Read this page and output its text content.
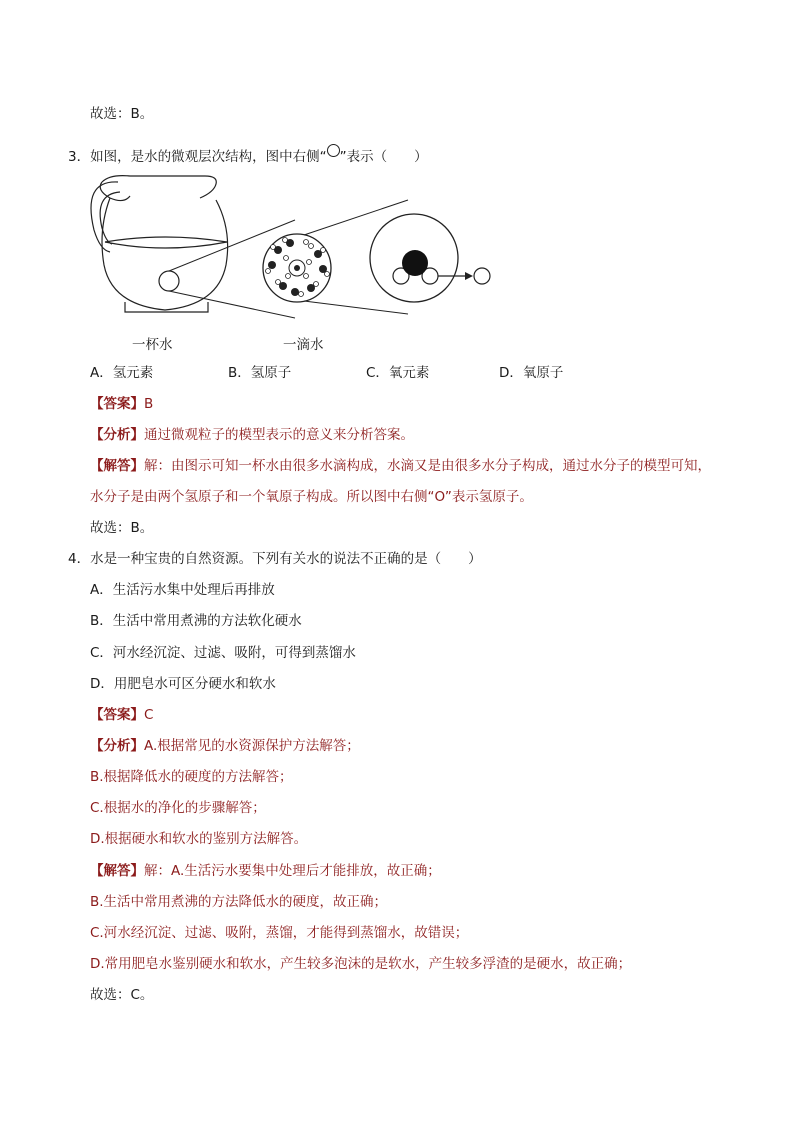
故选：B。
3．如图，是水的微观层次结构，图中右侧“ ”表示（　　）
一杯水	一滴水
A．氢元素	B．氢原子	C．氧元素	D．氧原子
【答案】B
【分析】通过微观粒子的模型表示的意义来分析答案。
【解答】解：由图示可知一杯水由很多水滴构成，水滴又是由很多水分子构成，通过水分子的模型可知，
水分子是由两个氢原子和一个氧原子构成。所以图中右侧“O”表示氢原子。
故选：B。
4．水是一种宝贵的自然资源。下列有关水的说法不正确的是（　　）
A．生活污水集中处理后再排放
B．生活中常用煮沸的方法软化硬水
C．河水经沉淀、过滤、吸附，可得到蒸馏水
D．用肥皂水可区分硬水和软水
【答案】C
【分析】A.根据常见的水资源保护方法解答；
B.根据降低水的硬度的方法解答；
C.根据水的净化的步骤解答；
D.根据硬水和软水的鉴别方法解答。
【解答】解：A.生活污水要集中处理后才能排放，故正确；
B.生活中常用煮沸的方法降低水的硬度，故正确；
C.河水经沉淀、过滤、吸附，蒸馏，才能得到蒸馏水，故错误；
D.常用肥皂水鉴别硬水和软水，产生较多泡沫的是软水，产生较多浮渣的是硬水，故正确；
故选：C。
